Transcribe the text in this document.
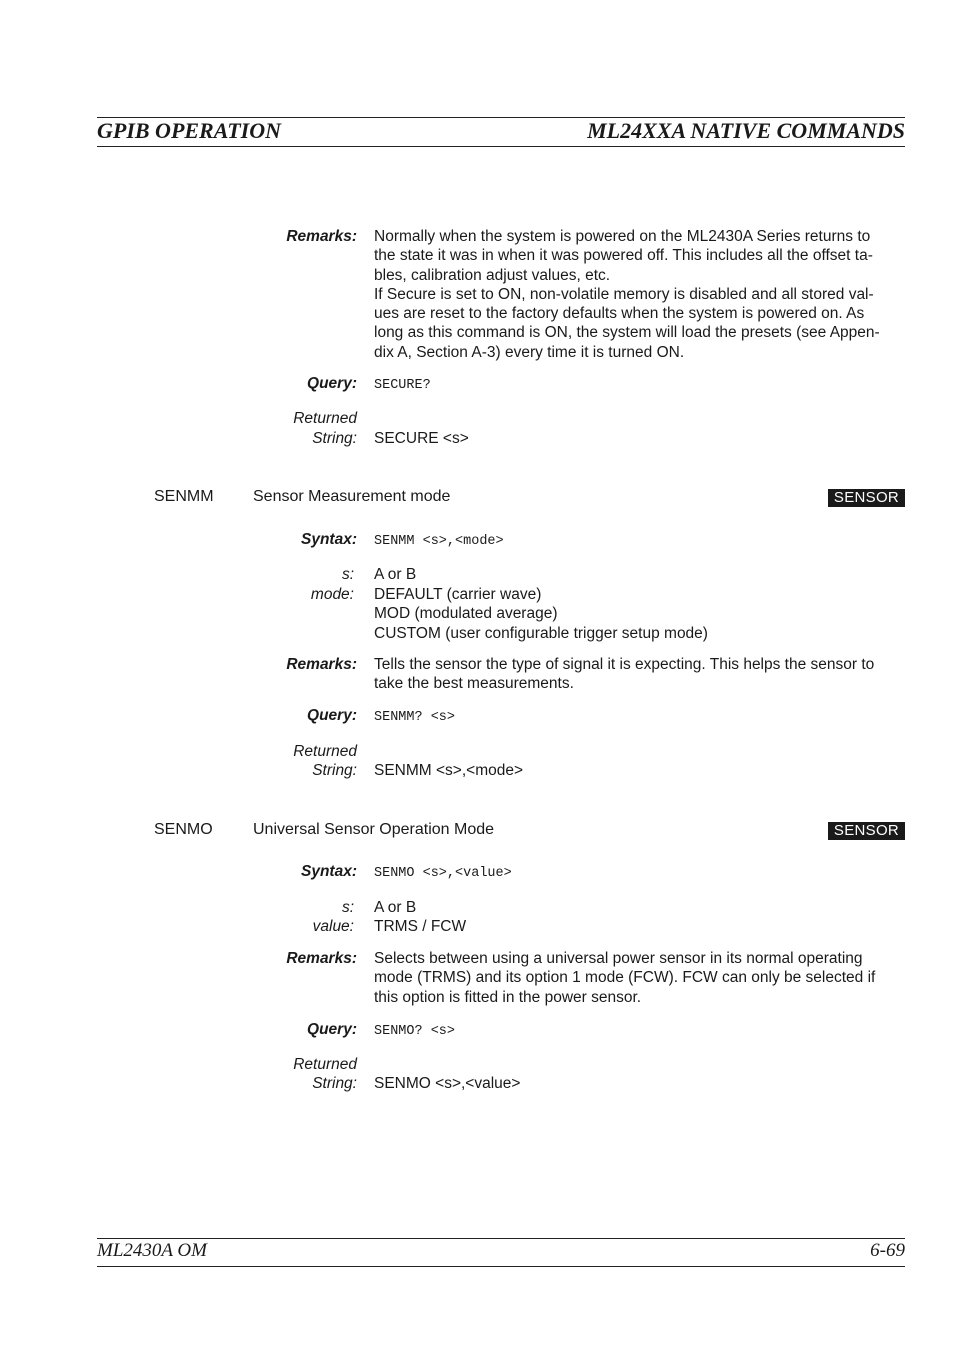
GPIB OPERATION	ML24XXA NATIVE COMMANDS
Remarks: Normally when the system is powered on the ML2430A Series returns to
the state it was in when it was powered off. This includes all the offset ta-
bles, calibration adjust values, etc.
If Secure is set to ON, non-volatile memory is disabled and all stored val-
ues are reset to the factory defaults when the system is powered on. As
long as this command is ON, the system will load the presets (see Appen-
dix A, Section A-3) every time it is turned ON.
Query: SECURE?
Returned
String: SECURE <s>
SENMM Sensor Measurement mode	SENSOR
Syntax: SENMM <s>,<mode>
s: A or B
mode: DEFAULT (carrier wave)
MOD (modulated average)
CUSTOM (user configurable trigger setup mode)
Remarks: Tells the sensor the type of signal it is expecting. This helps the sensor to
take the best measurements.
Query: SENMM? <s>
Returned
String: SENMM <s>,<mode>
SENMO	Universal Sensor Operation Mode	SENSOR
Syntax: SENMO <s>,<value>
s: A or B
value: TRMS / FCW
Remarks: Selects between using a universal power sensor in its normal operating
mode (TRMS) and its option 1 mode (FCW). FCW can only be selected if
this option is fitted in the power sensor.
Query: SENMO? <s>
Returned
String: SENMO <s>,<value>
ML2430A OM	6-69
